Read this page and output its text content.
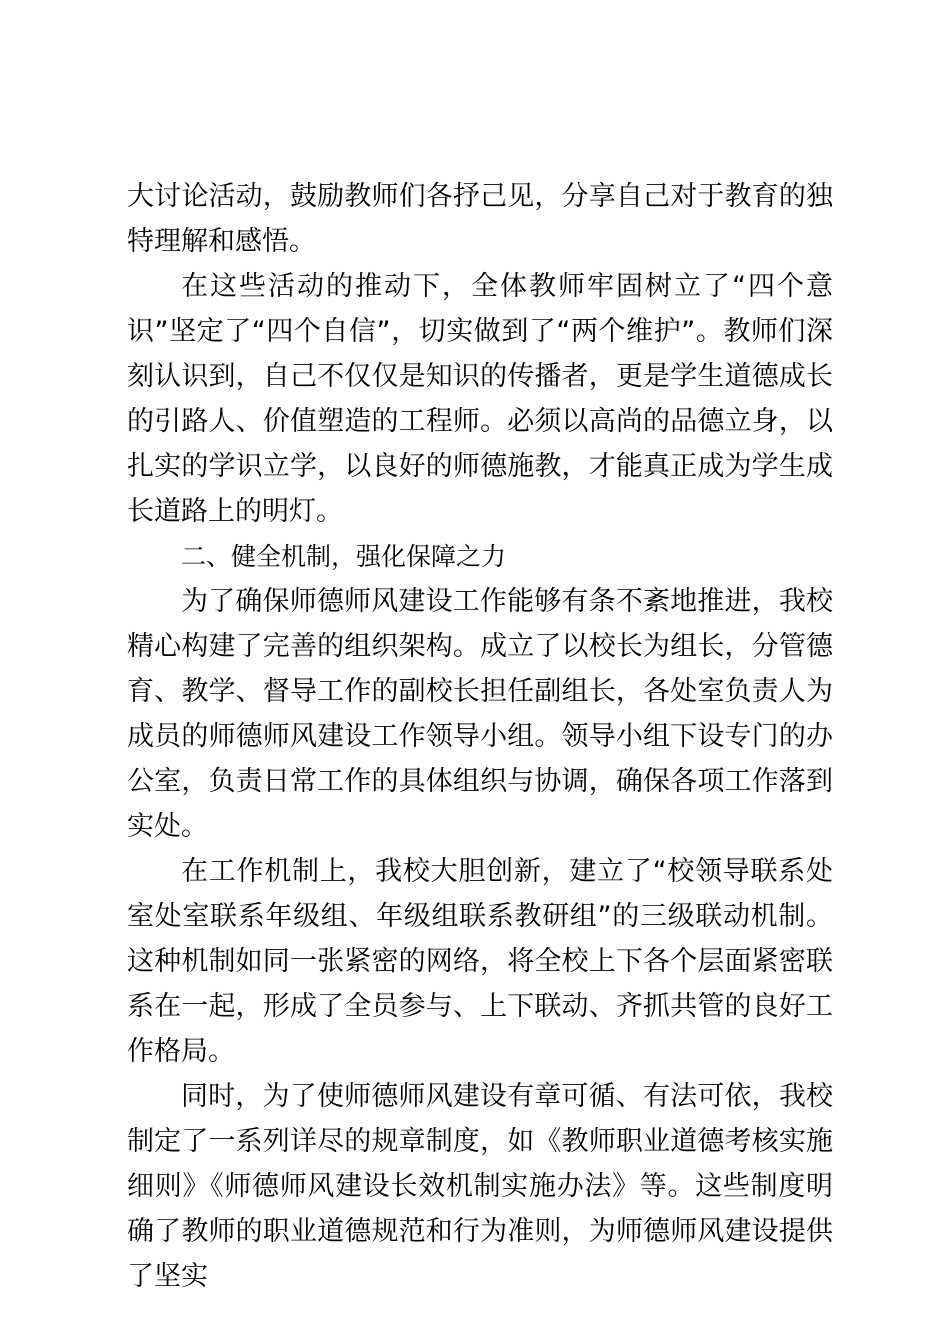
大讨论活动，鼓励教师们各抒己见，分享自己对于教育的独特理解和感悟。

在这些活动的推动下，全体教师牢固树立了“四个意识”坚定了“四个自信”，切实做到了“两个维护”。教师们深刻认识到，自己不仅仅是知识的传播者，更是学生道德成长的引路人、价值塑造的工程师。必须以高尚的品德立身，以扎实的学识立学，以良好的师德施教，才能真正成为学生成长道路上的明灯。

二、健全机制，强化保障之力

为了确保师德师风建设工作能够有条不紊地推进，我校精心构建了完善的组织架构。成立了以校长为组长，分管德育、教学、督导工作的副校长担任副组长，各处室负责人为成员的师德师风建设工作领导小组。领导小组下设专门的办公室，负责日常工作的具体组织与协调，确保各项工作落到实处。

在工作机制上，我校大胆创新，建立了“校领导联系处室处室联系年级组、年级组联系教研组”的三级联动机制。这种机制如同一张紧密的网络，将全校上下各个层面紧密联系在一起，形成了全员参与、上下联动、齐抓共管的良好工作格局。

同时，为了使师德师风建设有章可循、有法可依，我校制定了一系列详尽的规章制度，如《教师职业道德考核实施细则》《师德师风建设长效机制实施办法》等。这些制度明确了教师的职业道德规范和行为准则，为师德师风建设提供了坚实
